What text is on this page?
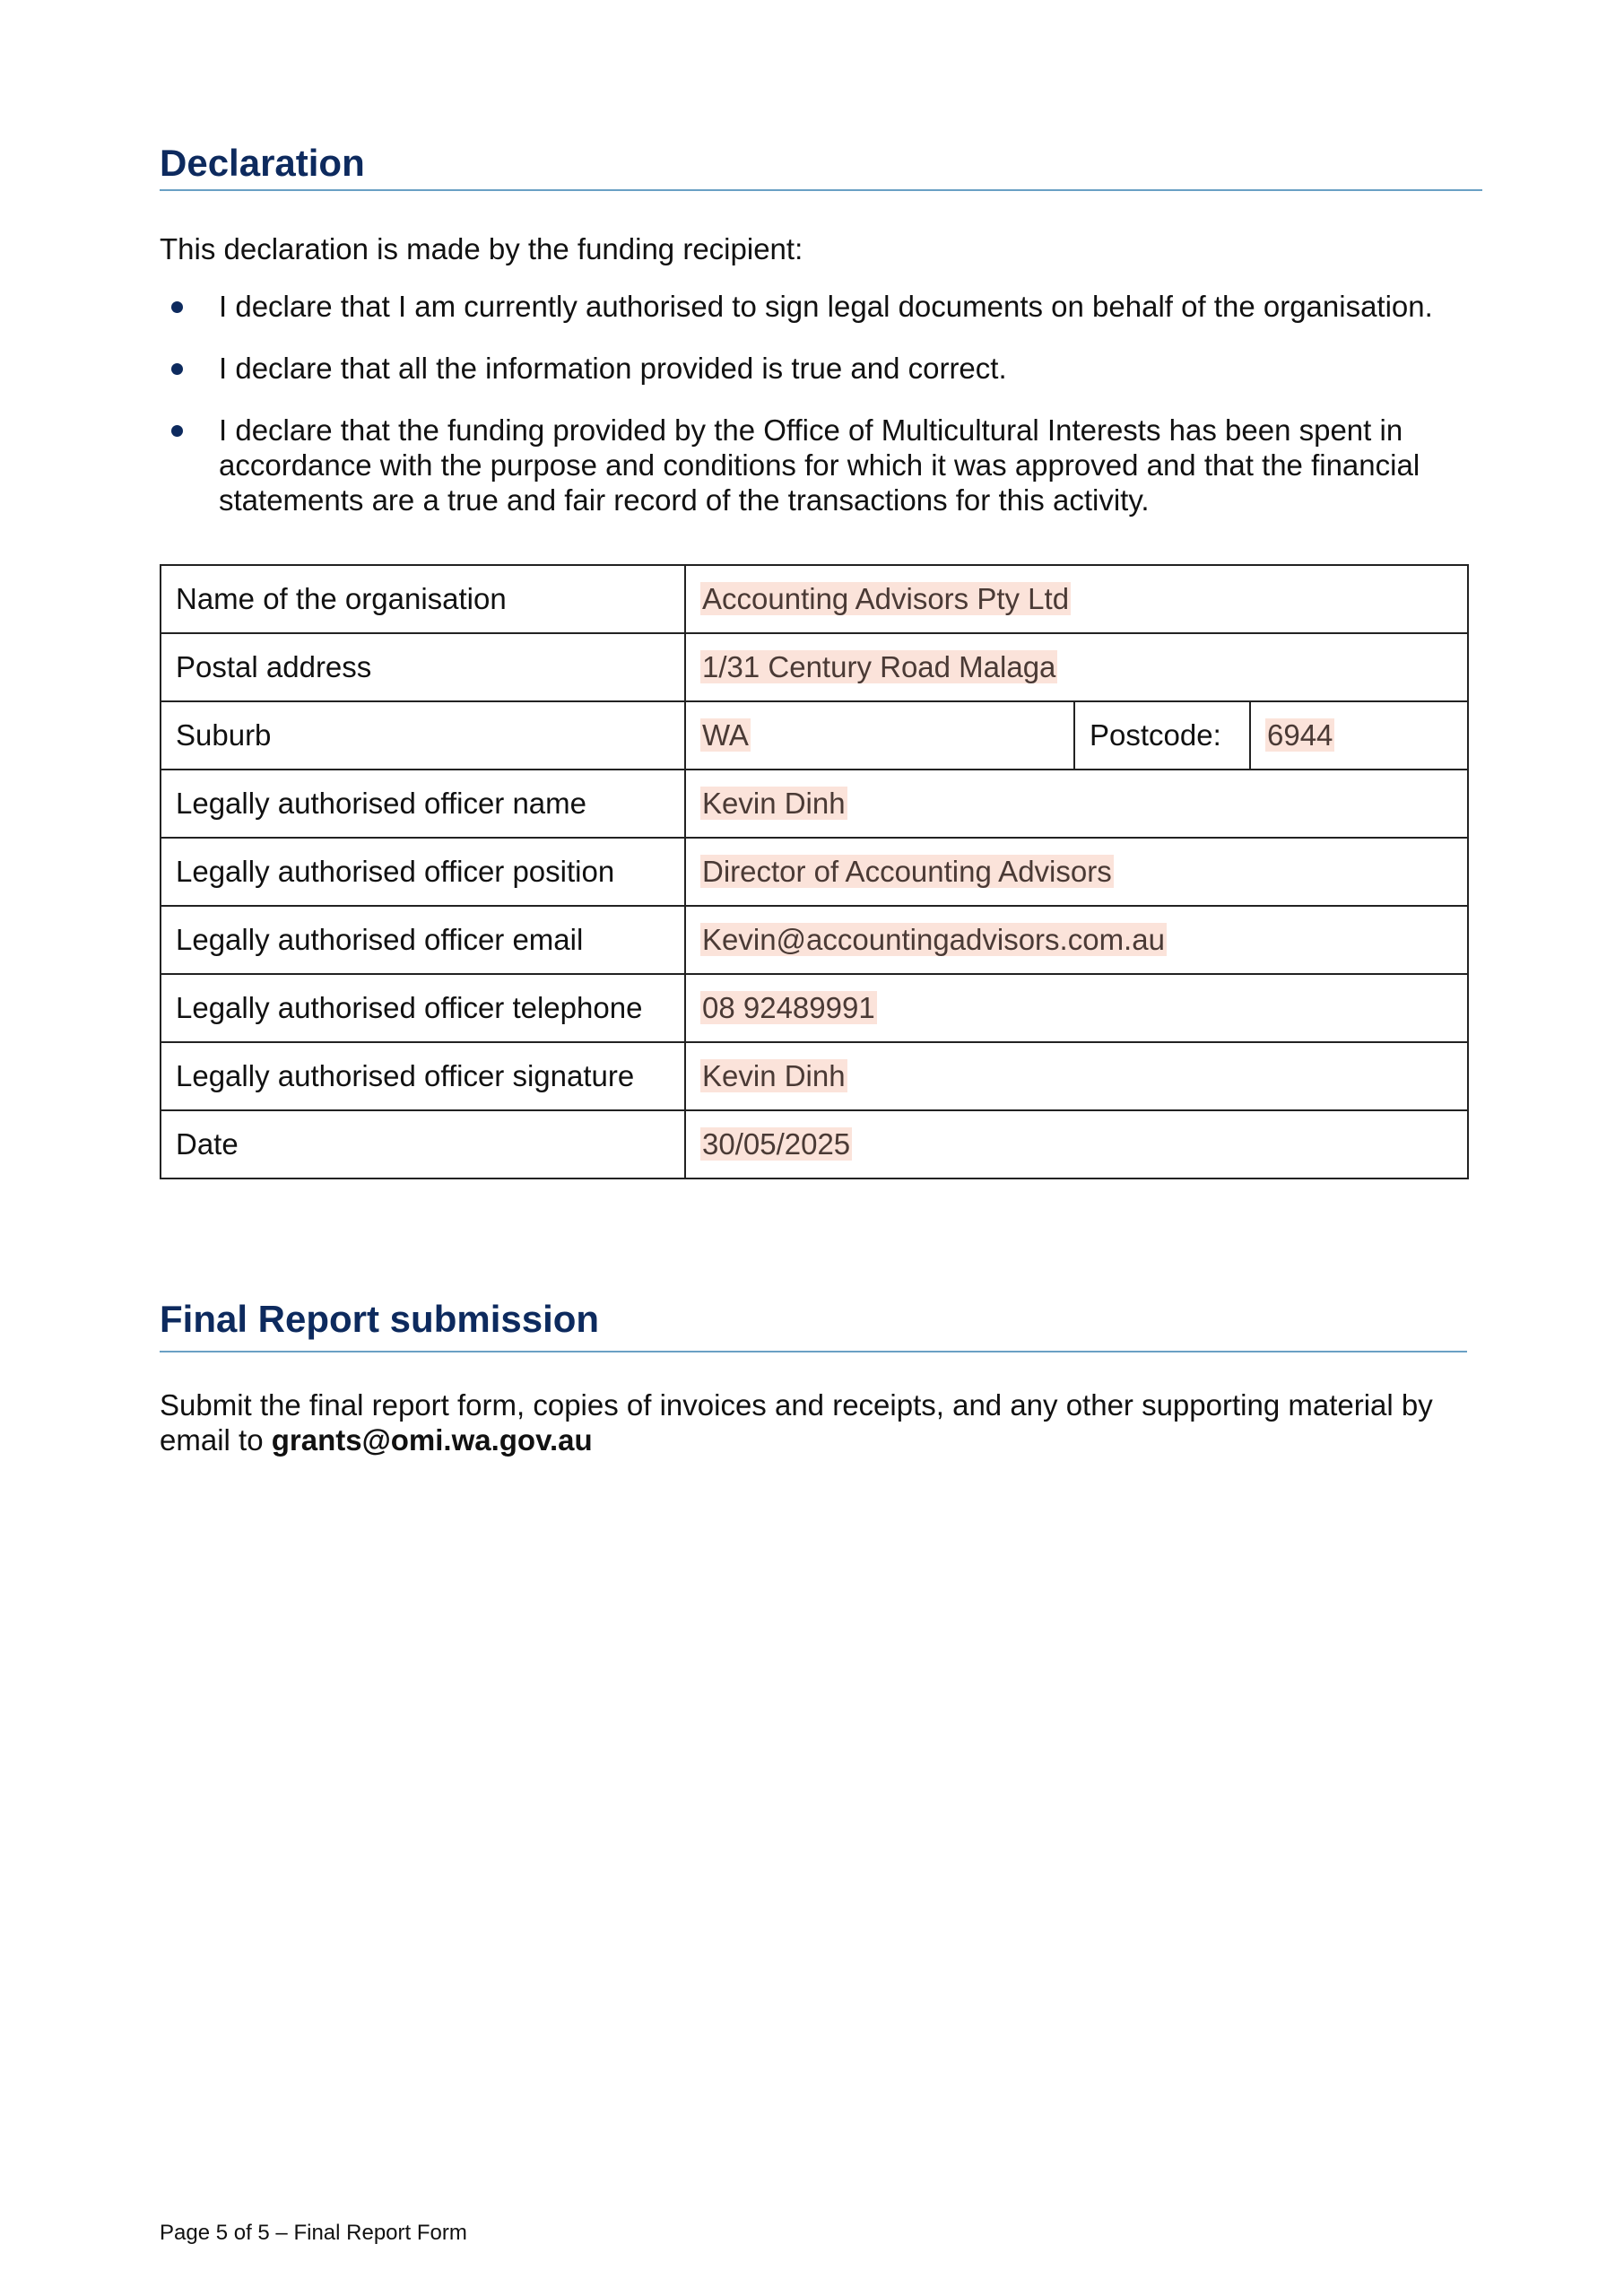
Declaration

This declaration is made by the funding recipient:

I declare that I am currently authorised to sign legal documents on behalf of the organisation.
I declare that all the information provided is true and correct.
I declare that the funding provided by the Office of Multicultural Interests has been spent in accordance with the purpose and conditions for which it was approved and that the financial statements are a true and fair record of the transactions for this activity.
Name of the organisation	Accounting Advisors Pty Ltd		
Postal address	1/31 Century Road Malaga		
Suburb	WA	Postcode:	6944
Legally authorised officer name	Kevin Dinh		
Legally authorised officer position	Director of Accounting Advisors		
Legally authorised officer email	Kevin@accountingadvisors.com.au		
Legally authorised officer telephone	08 92489991		
Legally authorised officer signature	Kevin Dinh		
Date	30/05/2025		
Final Report submission

Submit the final report form, copies of invoices and receipts, and any other supporting material by email to grants@omi.wa.gov.au

Page 5 of 5 – Final Report Form
